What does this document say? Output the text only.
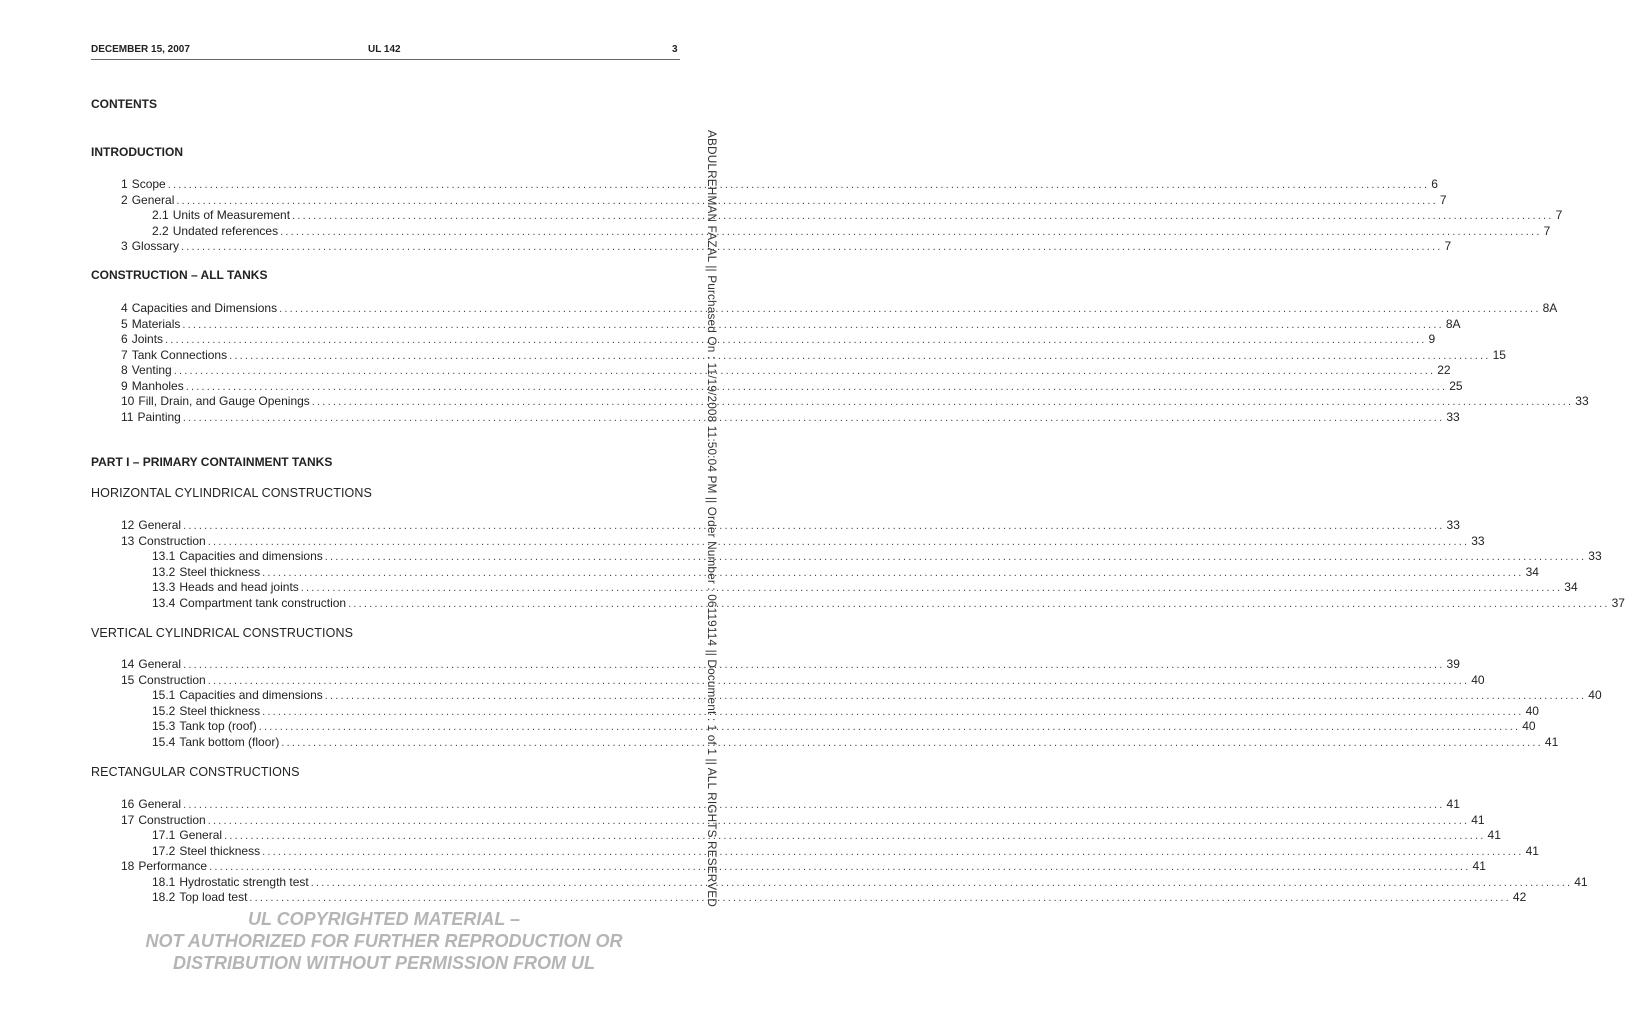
DECEMBER 15, 2007	UL 142	3
CONTENTS
INTRODUCTION
CONSTRUCTION – ALL TANKS
PART I – PRIMARY CONTAINMENT TANKS
HORIZONTAL CYLINDRICAL CONSTRUCTIONS
VERTICAL CYLINDRICAL CONSTRUCTIONS
RECTANGULAR CONSTRUCTIONS
1 Scope ................................................................................................................................................................................................................................................ 6
2 General ................................................................................................................................................................................................................................................ 7
2.1 Units of Measurement ................................................................................................................................................................................................................................................ 7
2.2 Undated references ................................................................................................................................................................................................................................................ 7
3 Glossary ................................................................................................................................................................................................................................................ 7
4 Capacities and Dimensions ................................................................................................................................................................................................................................................ 8A
5 Materials ................................................................................................................................................................................................................................................ 8A
6 Joints ................................................................................................................................................................................................................................................ 9
7 Tank Connections ................................................................................................................................................................................................................................................ 15
8 Venting ................................................................................................................................................................................................................................................ 22
9 Manholes ................................................................................................................................................................................................................................................ 25
10 Fill, Drain, and Gauge Openings ................................................................................................................................................................................................................................................ 33
11 Painting ................................................................................................................................................................................................................................................ 33
12 General ................................................................................................................................................................................................................................................ 33
13 Construction ................................................................................................................................................................................................................................................ 33
13.1 Capacities and dimensions ................................................................................................................................................................................................................................................ 33
13.2 Steel thickness ................................................................................................................................................................................................................................................ 34
13.3 Heads and head joints ................................................................................................................................................................................................................................................ 34
13.4 Compartment tank construction ................................................................................................................................................................................................................................................ 37
14 General ................................................................................................................................................................................................................................................ 39
15 Construction ................................................................................................................................................................................................................................................ 40
15.1 Capacities and dimensions ................................................................................................................................................................................................................................................ 40
15.2 Steel thickness ................................................................................................................................................................................................................................................ 40
15.3 Tank top (roof) ................................................................................................................................................................................................................................................ 40
15.4 Tank bottom (floor) ................................................................................................................................................................................................................................................ 41
16 General ................................................................................................................................................................................................................................................ 41
17 Construction ................................................................................................................................................................................................................................................ 41
17.1 General ................................................................................................................................................................................................................................................ 41
17.2 Steel thickness ................................................................................................................................................................................................................................................ 41
18 Performance ................................................................................................................................................................................................................................................ 41
18.1 Hydrostatic strength test ................................................................................................................................................................................................................................................ 41
18.2 Top load test ................................................................................................................................................................................................................................................ 42
UL COPYRIGHTED MATERIAL –
NOT AUTHORIZED FOR FURTHER REPRODUCTION OR
DISTRIBUTION WITHOUT PERMISSION FROM UL
ABDULREHMAN FAZAL || Purchased On : 11/19/2008 11:50:04 PM || Order Number : 06119114 || Document : 1 of 1 || ALL RIGHTS RESERVED
